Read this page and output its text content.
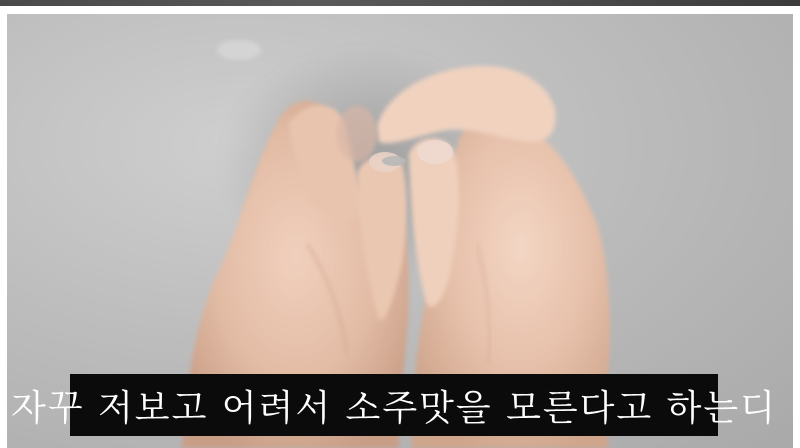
자꾸 저보고 어려서 소주맛을 모른다고 하는디
